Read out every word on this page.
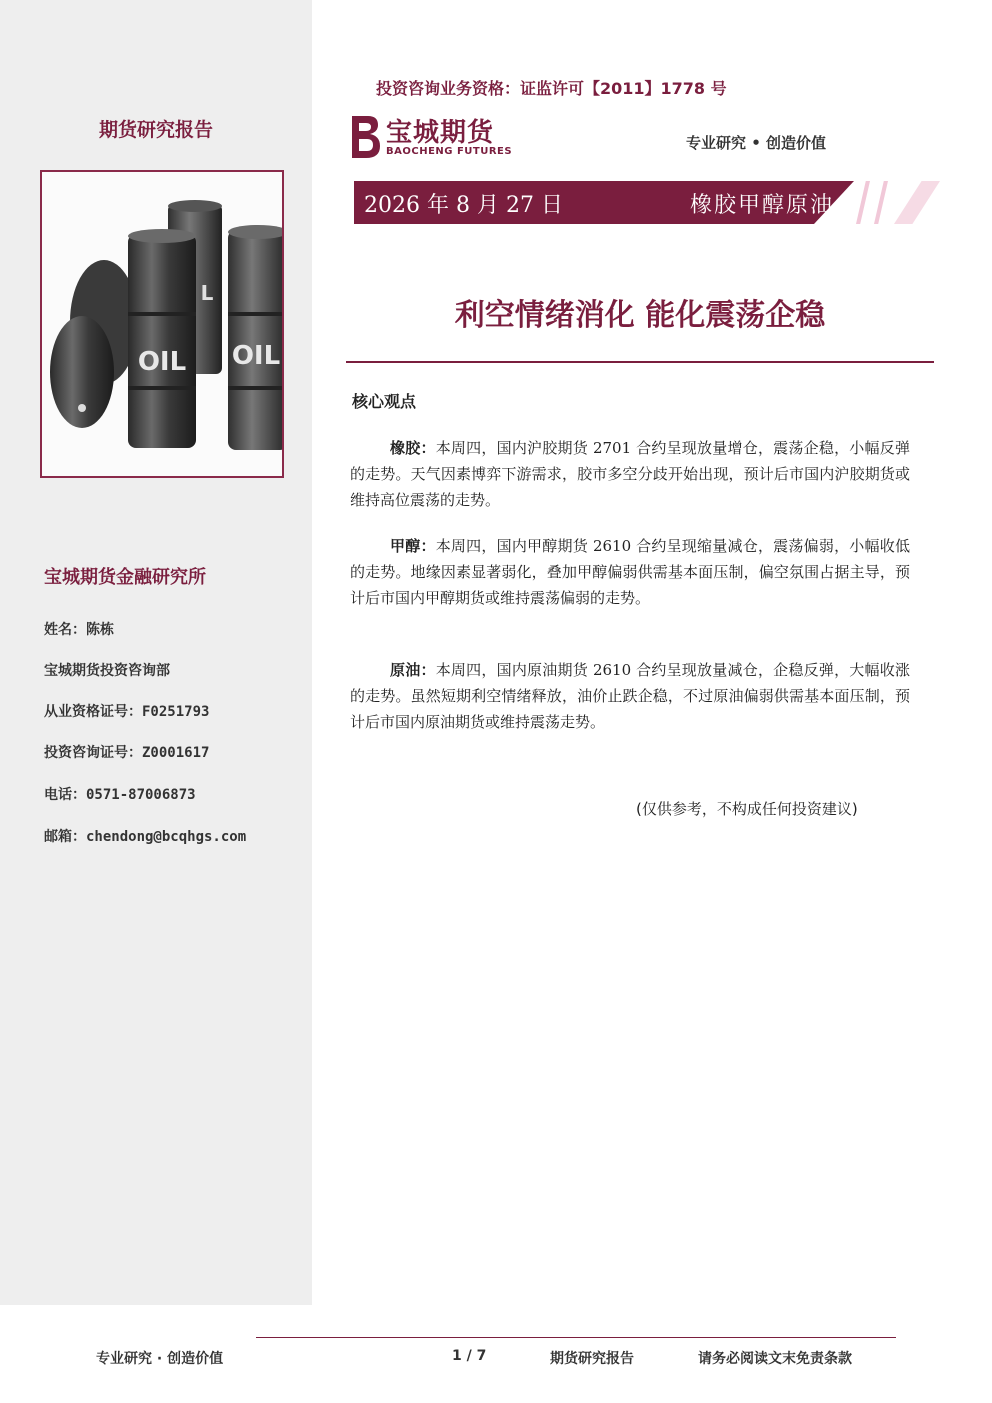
期货研究报告
OIL OIL
L
宝城期货金融研究所
姓名：陈栋
宝城期货投资咨询部
从业资格证号：F0251793
投资咨询证号：Z0001617
电话：0571-87006873
邮箱：chendong@bcqhgs.com
投资咨询业务资格：证监许可【2011】1778 号
宝城期货
BAOCHENG FUTURES	专业研究 • 创造价值
2026 年 8 月 27 日	橡胶甲醇原油
利空情绪消化 能化震荡企稳
核心观点
橡胶：本周四，国内沪胶期货 2701 合约呈现放量增仓，震荡企稳，小幅反弹的走势。天气因素博弈下游需求，胶市多空分歧开始出现，预计后市国内沪胶期货或维持高位震荡的走势。
甲醇：本周四，国内甲醇期货 2610 合约呈现缩量减仓，震荡偏弱，小幅收低的走势。地缘因素显著弱化，叠加甲醇偏弱供需基本面压制，偏空氛围占据主导，预计后市国内甲醇期货或维持震荡偏弱的走势。
原油：本周四，国内原油期货 2610 合约呈现放量减仓，企稳反弹，大幅收涨的走势。虽然短期利空情绪释放，油价止跌企稳，不过原油偏弱供需基本面压制，预计后市国内原油期货或维持震荡走势。
(仅供参考，不构成任何投资建议)
专业研究 · 创造价值	1 / 7	期货研究报告	请务必阅读文末免责条款
